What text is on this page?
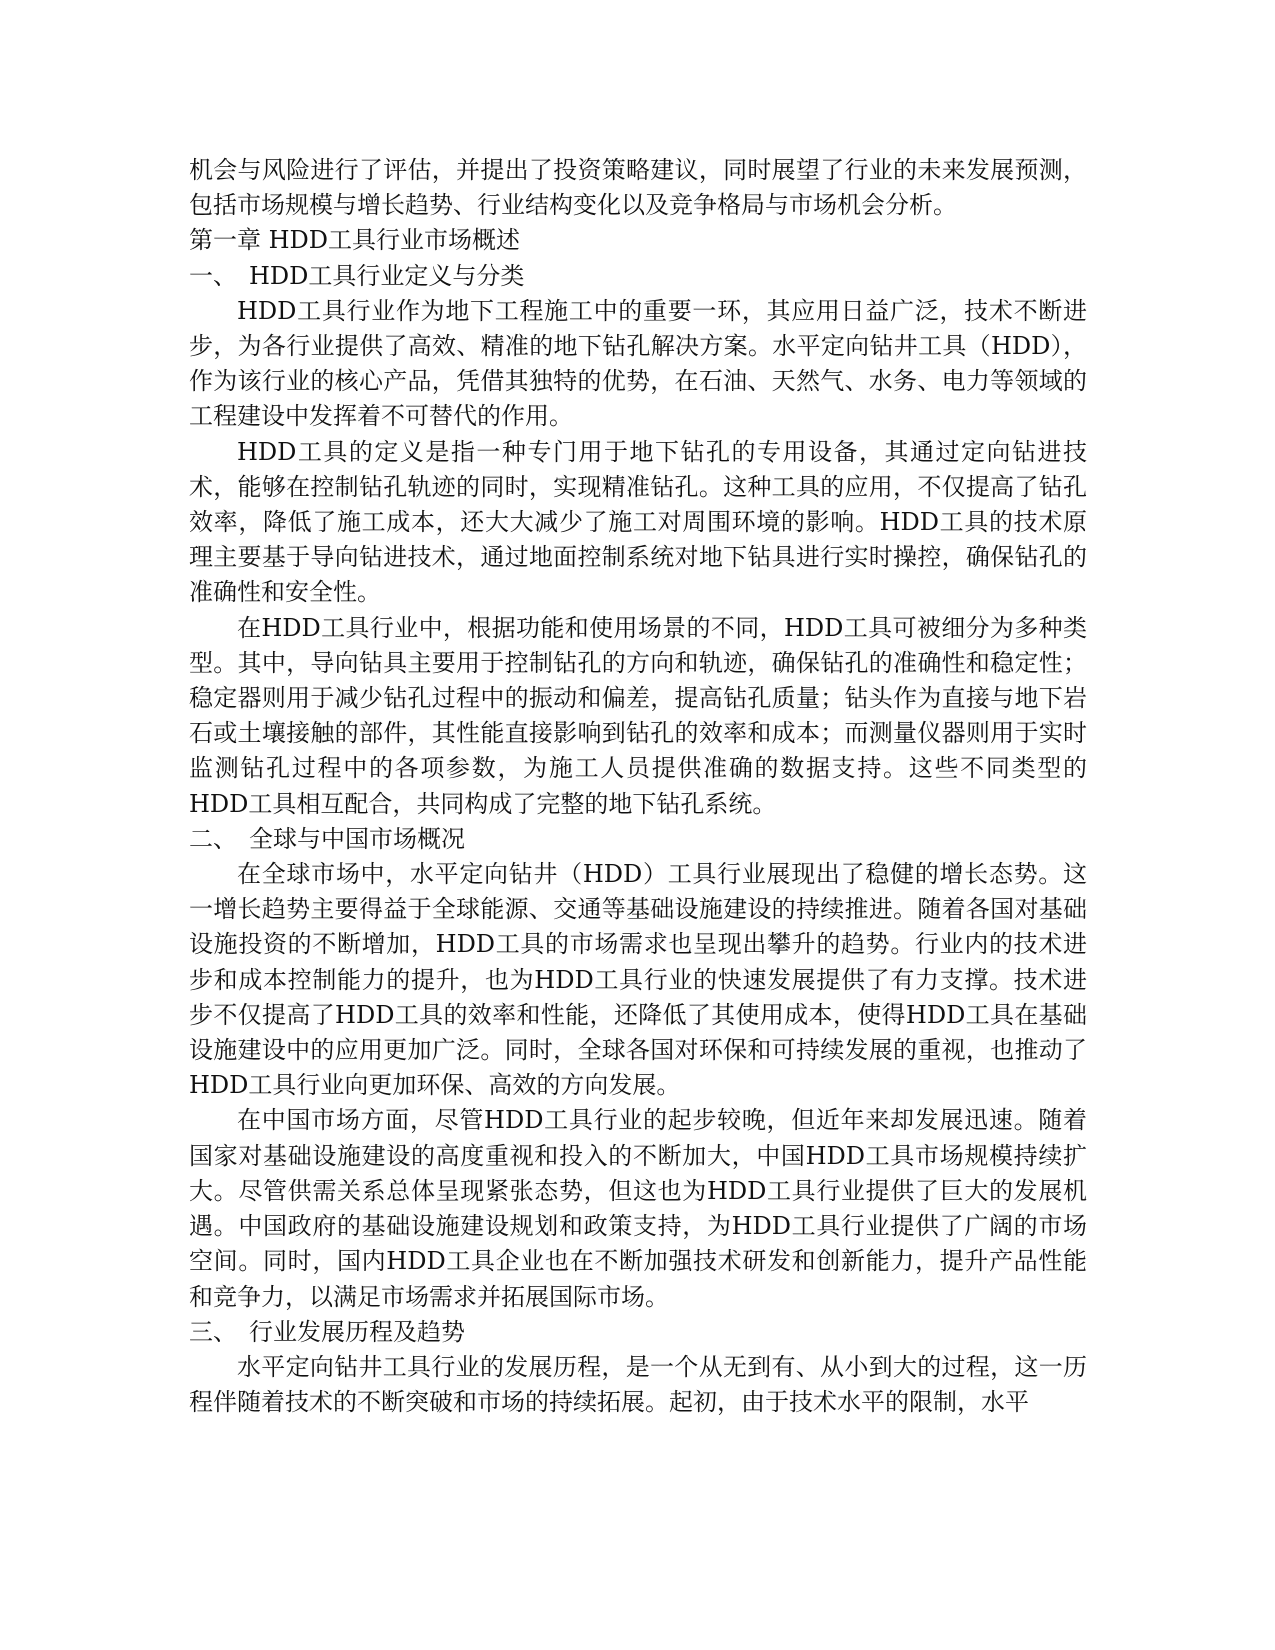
机会与风险进行了评估，并提出了投资策略建议，同时展望了行业的未来发展预测，包括市场规模与增长趋势、行业结构变化以及竞争格局与市场机会分析。

第一章 HDD工具行业市场概述
一、 HDD工具行业定义与分类

HDD工具行业作为地下工程施工中的重要一环，其应用日益广泛，技术不断进步，为各行业提供了高效、精准的地下钻孔解决方案。水平定向钻井工具（HDD），作为该行业的核心产品，凭借其独特的优势，在石油、天然气、水务、电力等领域的工程建设中发挥着不可替代的作用。

HDD工具的定义是指一种专门用于地下钻孔的专用设备，其通过定向钻进技术，能够在控制钻孔轨迹的同时，实现精准钻孔。这种工具的应用，不仅提高了钻孔效率，降低了施工成本，还大大减少了施工对周围环境的影响。HDD工具的技术原理主要基于导向钻进技术，通过地面控制系统对地下钻具进行实时操控，确保钻孔的准确性和安全性。

在HDD工具行业中，根据功能和使用场景的不同，HDD工具可被细分为多种类型。其中，导向钻具主要用于控制钻孔的方向和轨迹，确保钻孔的准确性和稳定性；稳定器则用于减少钻孔过程中的振动和偏差，提高钻孔质量；钻头作为直接与地下岩石或土壤接触的部件，其性能直接影响到钻孔的效率和成本；而测量仪器则用于实时监测钻孔过程中的各项参数，为施工人员提供准确的数据支持。这些不同类型的HDD工具相互配合，共同构成了完整的地下钻孔系统。

二、 全球与中国市场概况

在全球市场中，水平定向钻井（HDD）工具行业展现出了稳健的增长态势。这一增长趋势主要得益于全球能源、交通等基础设施建设的持续推进。随着各国对基础设施投资的不断增加，HDD工具的市场需求也呈现出攀升的趋势。行业内的技术进步和成本控制能力的提升，也为HDD工具行业的快速发展提供了有力支撑。技术进步不仅提高了HDD工具的效率和性能，还降低了其使用成本，使得HDD工具在基础设施建设中的应用更加广泛。同时，全球各国对环保和可持续发展的重视，也推动了HDD工具行业向更加环保、高效的方向发展。

在中国市场方面，尽管HDD工具行业的起步较晚，但近年来却发展迅速。随着国家对基础设施建设的高度重视和投入的不断加大，中国HDD工具市场规模持续扩大。尽管供需关系总体呈现紧张态势，但这也为HDD工具行业提供了巨大的发展机遇。中国政府的基础设施建设规划和政策支持，为HDD工具行业提供了广阔的市场空间。同时，国内HDD工具企业也在不断加强技术研发和创新能力，提升产品性能和竞争力，以满足市场需求并拓展国际市场。

三、 行业发展历程及趋势

水平定向钻井工具行业的发展历程，是一个从无到有、从小到大的过程，这一历程伴随着技术的不断突破和市场的持续拓展。起初，由于技术水平的限制，水平
